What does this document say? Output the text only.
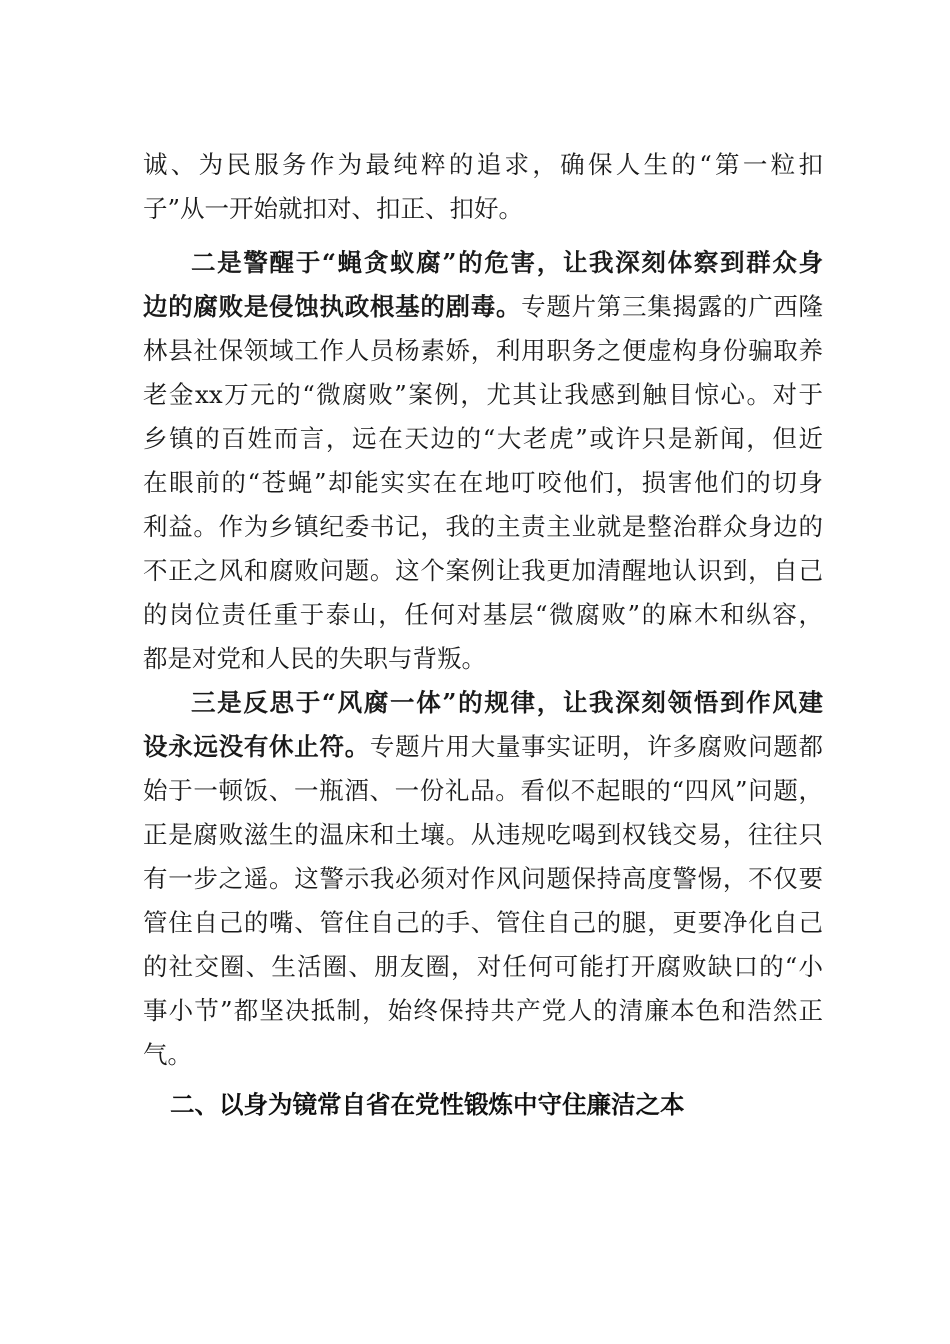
诚、为民服务作为最纯粹的追求，确保人生的“第一粒扣
子”从一开始就扣对、扣正、扣好。
二是警醒于“蝇贪蚁腐”的危害，让我深刻体察到群众身
边的腐败是侵蚀执政根基的剧毒。专题片第三集揭露的广西隆
林县社保领域工作人员杨素娇，利用职务之便虚构身份骗取养
老金xx万元的“微腐败”案例，尤其让我感到触目惊心。对于
乡镇的百姓而言，远在天边的“大老虎”或许只是新闻，但近
在眼前的“苍蝇”却能实实在在地叮咬他们，损害他们的切身
利益。作为乡镇纪委书记，我的主责主业就是整治群众身边的
不正之风和腐败问题。这个案例让我更加清醒地认识到，自己
的岗位责任重于泰山，任何对基层“微腐败”的麻木和纵容，
都是对党和人民的失职与背叛。
三是反思于“风腐一体”的规律，让我深刻领悟到作风建
设永远没有休止符。专题片用大量事实证明，许多腐败问题都
始于一顿饭、一瓶酒、一份礼品。看似不起眼的“四风”问题，
正是腐败滋生的温床和土壤。从违规吃喝到权钱交易，往往只
有一步之遥。这警示我必须对作风问题保持高度警惕，不仅要
管住自己的嘴、管住自己的手、管住自己的腿，更要净化自己
的社交圈、生活圈、朋友圈，对任何可能打开腐败缺口的“小
事小节”都坚决抵制，始终保持共产党人的清廉本色和浩然正
气。
二、以身为镜常自省在党性锻炼中守住廉洁之本
